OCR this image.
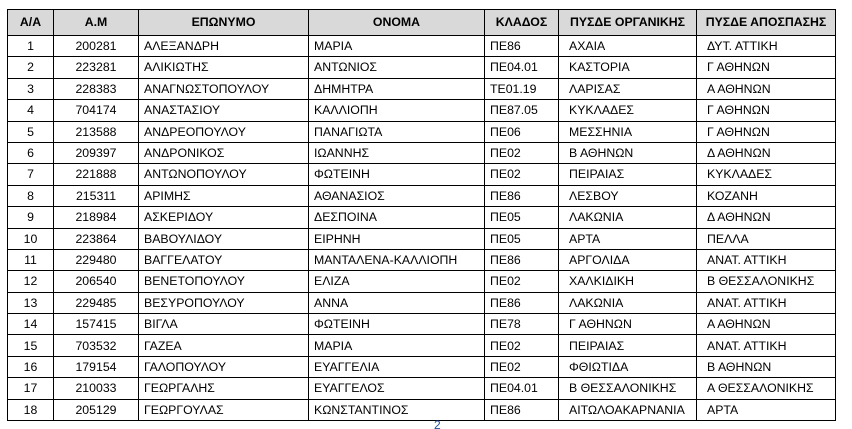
Α/Α	Α.Μ	ΕΠΩΝΥΜΟ	ΟΝΟΜΑ	ΚΛΑΔΟΣ	ΠΥΣΔΕ ΟΡΓΑΝΙΚΗΣ	ΠΥΣΔΕ ΑΠΟΣΠΑΣΗΣ
1	200281	ΑΛΕΞΑΝΔΡΗ	ΜΑΡΙΑ	ΠΕ86	ΑΧΑΙΑ	ΔΥΤ. ΑΤΤΙΚΗ
2	223281	ΑΛΙΚΙΩΤΗΣ	ΑΝΤΩΝΙΟΣ	ΠΕ04.01	ΚΑΣΤΟΡΙΑ	Γ ΑΘΗΝΩΝ
3	228383	ΑΝΑΓΝΩΣΤΟΠΟΥΛΟΥ	ΔΗΜΗΤΡΑ	ΤΕ01.19	ΛΑΡΙΣΑΣ	Α ΑΘΗΝΩΝ
4	704174	ΑΝΑΣΤΑΣΙΟΥ	ΚΑΛΛΙΟΠΗ	ΠΕ87.05	ΚΥΚΛΑΔΕΣ	Γ ΑΘΗΝΩΝ
5	213588	ΑΝΔΡΕΟΠΟΥΛΟΥ	ΠΑΝΑΓΙΩΤΑ	ΠΕ06	ΜΕΣΣΗΝΙΑ	Γ ΑΘΗΝΩΝ
6	209397	ΑΝΔΡΟΝΙΚΟΣ	ΙΩΑΝΝΗΣ	ΠΕ02	Β ΑΘΗΝΩΝ	Δ ΑΘΗΝΩΝ
7	221888	ΑΝΤΩΝΟΠΟΥΛΟΥ	ΦΩΤΕΙΝΗ	ΠΕ02	ΠΕΙΡΑΙΑΣ	ΚΥΚΛΑΔΕΣ
8	215311	ΑΡΙΜΗΣ	ΑΘΑΝΑΣΙΟΣ	ΠΕ86	ΛΕΣΒΟΥ	ΚΟΖΑΝΗ
9	218984	ΑΣΚΕΡΙΔΟΥ	ΔΕΣΠΟΙΝΑ	ΠΕ05	ΛΑΚΩΝΙΑ	Δ ΑΘΗΝΩΝ
10	223864	ΒΑΒΟΥΛΙΔΟΥ	ΕΙΡΗΝΗ	ΠΕ05	ΑΡΤΑ	ΠΕΛΛΑ
11	229480	ΒΑΓΓΕΛΑΤΟΥ	ΜΑΝΤΑΛΕΝΑ-ΚΑΛΛΙΟΠΗ	ΠΕ86	ΑΡΓΟΛΙΔΑ	ΑΝΑΤ. ΑΤΤΙΚΗ
12	206540	ΒΕΝΕΤΟΠΟΥΛΟΥ	ΕΛΙΖΑ	ΠΕ02	ΧΑΛΚΙΔΙΚΗ	Β ΘΕΣΣΑΛΟΝΙΚΗΣ
13	229485	ΒΕΣΥΡΟΠΟΥΛΟΥ	ΑΝΝΑ	ΠΕ86	ΛΑΚΩΝΙΑ	ΑΝΑΤ. ΑΤΤΙΚΗ
14	157415	ΒΙΓΛΑ	ΦΩΤΕΙΝΗ	ΠΕ78	Γ ΑΘΗΝΩΝ	Α ΑΘΗΝΩΝ
15	703532	ΓΑΖΕΑ	ΜΑΡΙΑ	ΠΕ02	ΠΕΙΡΑΙΑΣ	ΑΝΑΤ. ΑΤΤΙΚΗ
16	179154	ΓΑΛΟΠΟΥΛΟΥ	ΕΥΑΓΓΕΛΙΑ	ΠΕ02	ΦΘΙΩΤΙΔΑ	Β ΑΘΗΝΩΝ
17	210033	ΓΕΩΡΓΑΛΗΣ	ΕΥΑΓΓΕΛΟΣ	ΠΕ04.01	Β ΘΕΣΣΑΛΟΝΙΚΗΣ	Α ΘΕΣΣΑΛΟΝΙΚΗΣ
18	205129	ΓΕΩΡΓΟΥΛΑΣ	ΚΩΝΣΤΑΝΤΙΝΟΣ	ΠΕ86	ΑΙΤΩΛΟΑΚΑΡΝΑΝΙΑ	ΑΡΤΑ
2
